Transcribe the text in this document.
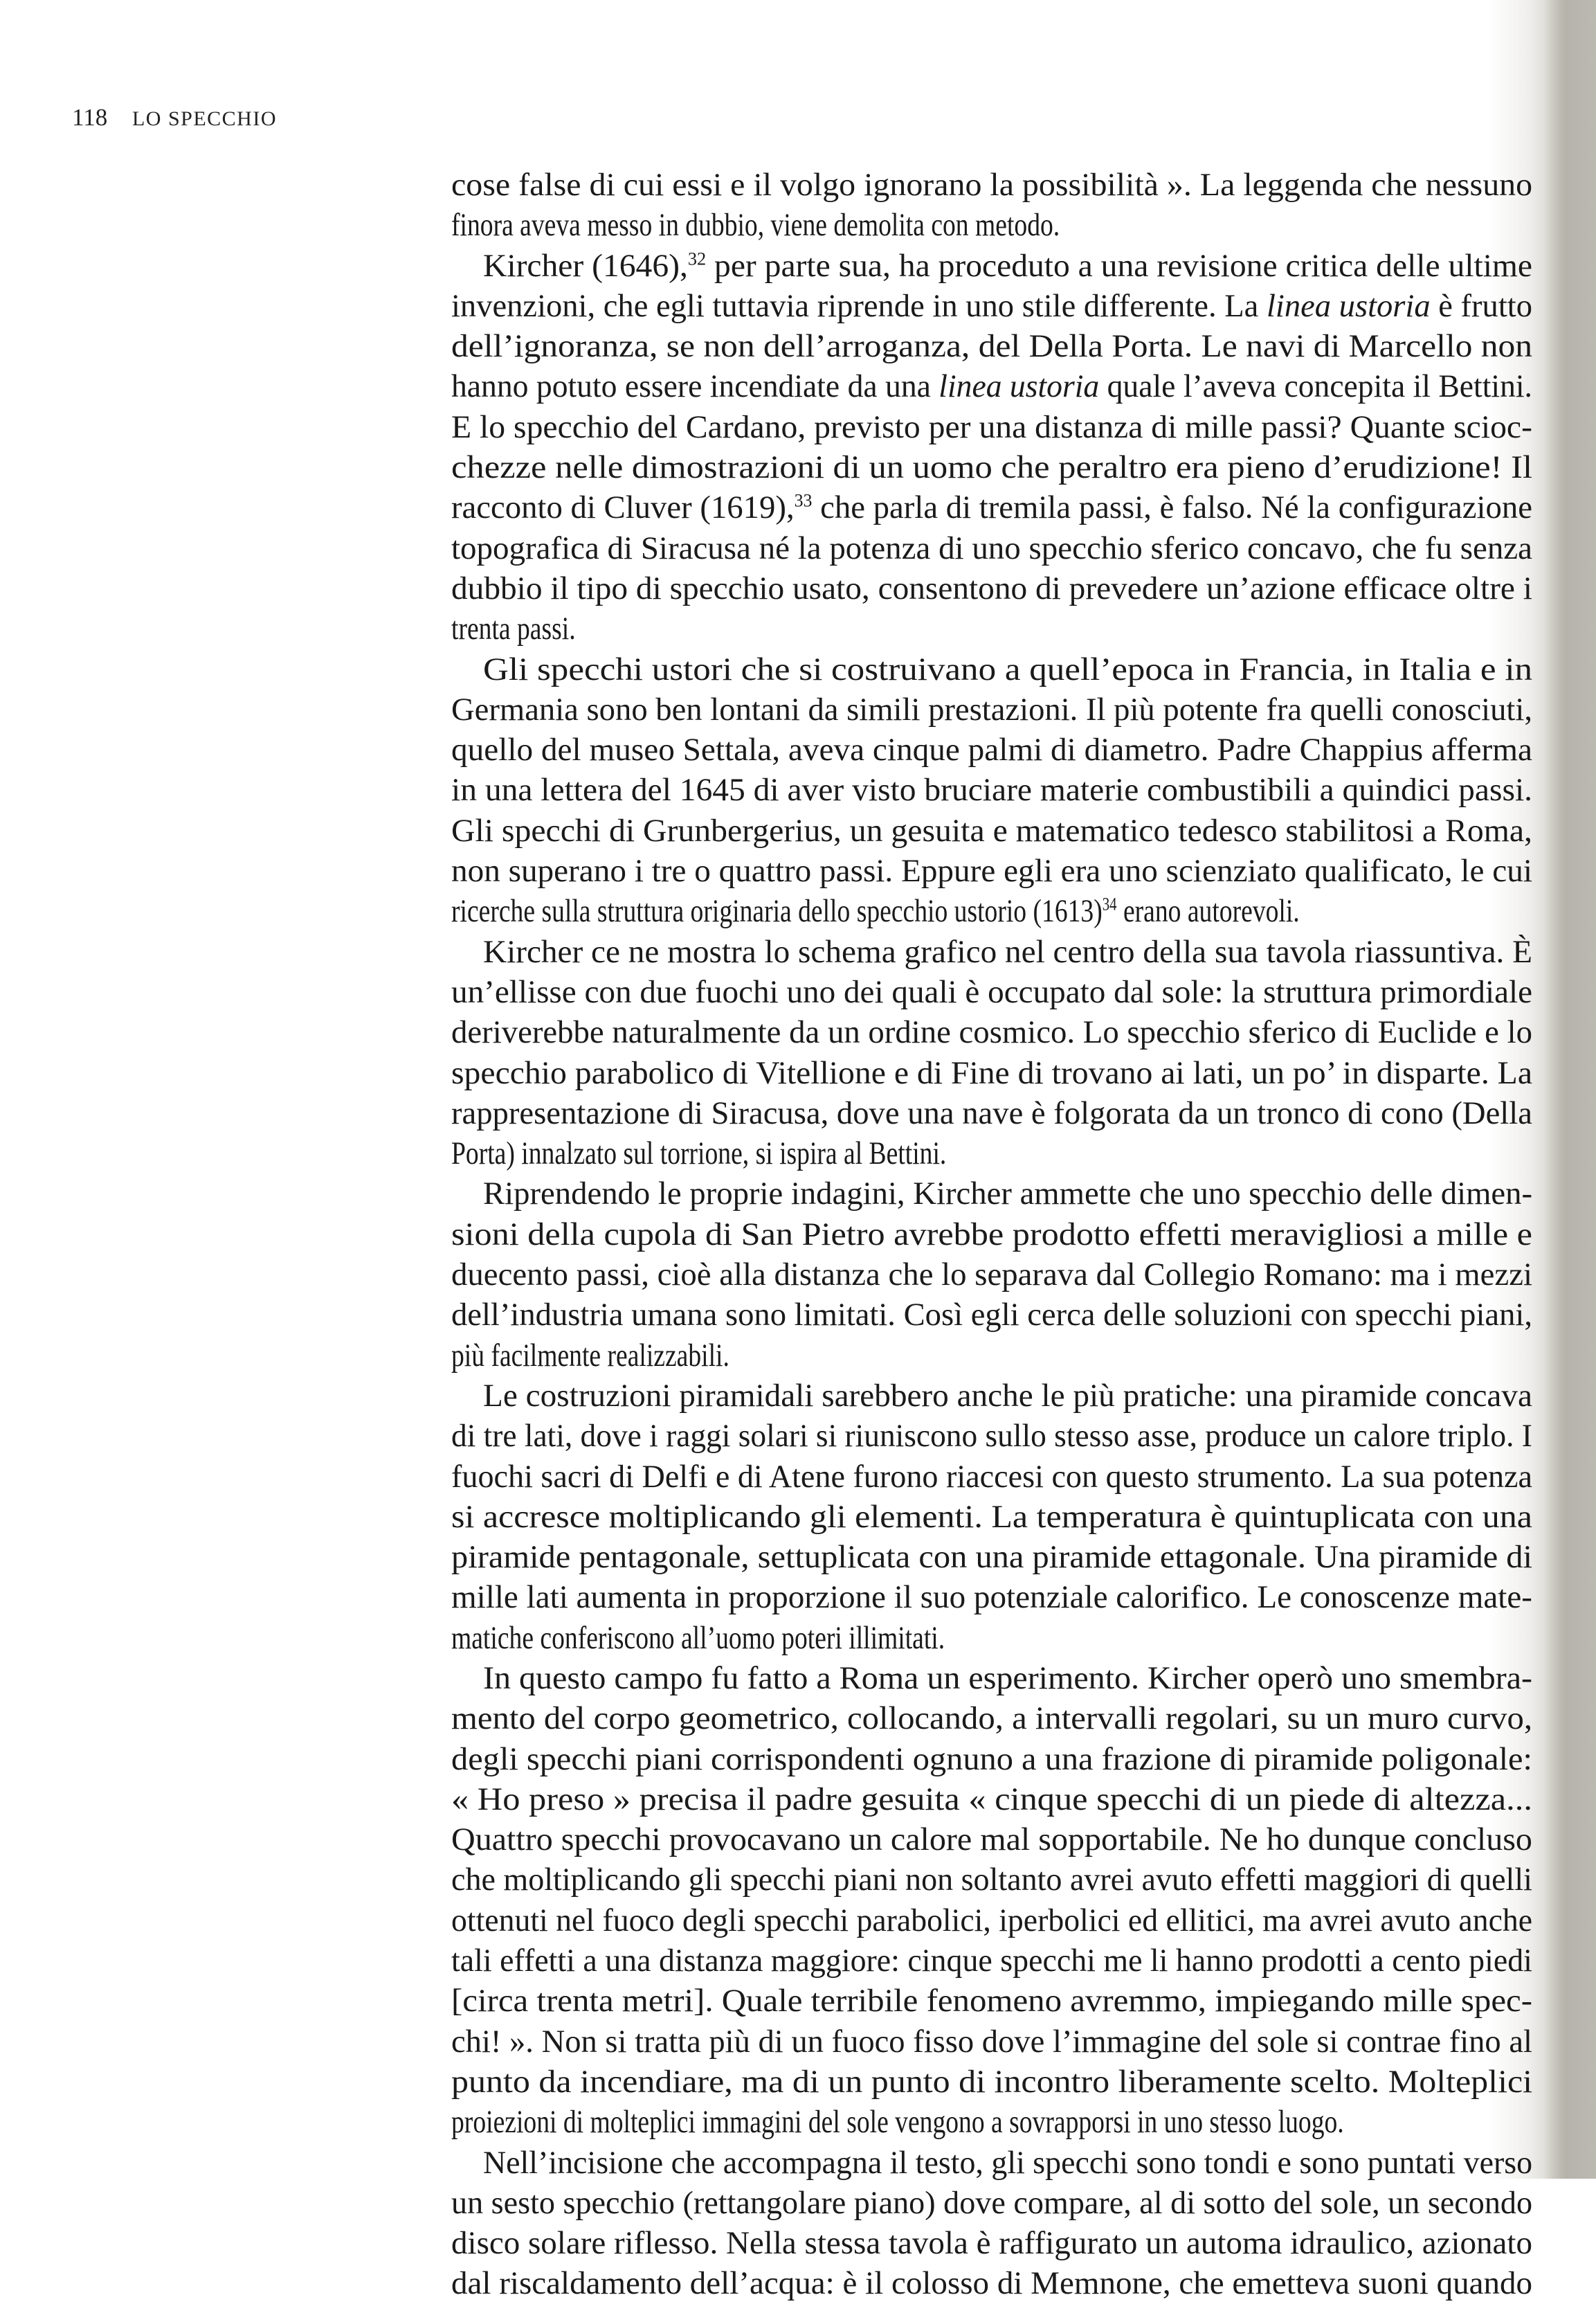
118 LO SPECCHIO
cose false di cui essi e il volgo ignorano la possibilità ». La leggenda che nessuno
finora aveva messo in dubbio, viene demolita con metodo.
Kircher (1646),$^{32}$ per parte sua, ha proceduto a una revisione critica delle ultime
invenzioni, che egli tuttavia riprende in uno stile differente. La linea ustoria è frutto
dell’ignoranza, se non dell’arroganza, del Della Porta. Le navi di Marcello non
hanno potuto essere incendiate da una linea ustoria quale l’aveva concepita il Bettini.
E lo specchio del Cardano, previsto per una distanza di mille passi? Quante scioc-
chezze nelle dimostrazioni di un uomo che peraltro era pieno d’erudizione! Il
racconto di Cluver (1619),$^{33}$ che parla di tremila passi, è falso. Né la configurazione
topografica di Siracusa né la potenza di uno specchio sferico concavo, che fu senza
dubbio il tipo di specchio usato, consentono di prevedere un’azione efficace oltre i
trenta passi.
Gli specchi ustori che si costruivano a quell’epoca in Francia, in Italia e in
Germania sono ben lontani da simili prestazioni. Il più potente fra quelli conosciuti,
quello del museo Settala, aveva cinque palmi di diametro. Padre Chappius afferma
in una lettera del 1645 di aver visto bruciare materie combustibili a quindici passi.
Gli specchi di Grunbergerius, un gesuita e matematico tedesco stabilitosi a Roma,
non superano i tre o quattro passi. Eppure egli era uno scienziato qualificato, le cui
ricerche sulla struttura originaria dello specchio ustorio $(1613)^{34}$ erano autorevoli.
Kircher ce ne mostra lo schema grafico nel centro della sua tavola riassuntiva. È
un’ellisse con due fuochi uno dei quali è occupato dal sole: la struttura primordiale
deriverebbe naturalmente da un ordine cosmico. Lo specchio sferico di Euclide e lo
specchio parabolico di Vitellione e di Fine di trovano ai lati, un po’ in disparte. La
rappresentazione di Siracusa, dove una nave è folgorata da un tronco di cono (Della
Porta) innalzato sul torrione, si ispira al Bettini.
Riprendendo le proprie indagini, Kircher ammette che uno specchio delle dimen-
sioni della cupola di San Pietro avrebbe prodotto effetti meravigliosi a mille e
duecento passi, cioè alla distanza che lo separava dal Collegio Romano: ma i mezzi
dell’industria umana sono limitati. Così egli cerca delle soluzioni con specchi piani,
più facilmente realizzabili.
Le costruzioni piramidali sarebbero anche le più pratiche: una piramide concava
di tre lati, dove i raggi solari si riuniscono sullo stesso asse, produce un calore triplo. I
fuochi sacri di Delfi e di Atene furono riaccesi con questo strumento. La sua potenza
si accresce moltiplicando gli elementi. La temperatura è quintuplicata con una
piramide pentagonale, settuplicata con una piramide ettagonale. Una piramide di
mille lati aumenta in proporzione il suo potenziale calorifico. Le conoscenze mate-
matiche conferiscono all’uomo poteri illimitati.
In questo campo fu fatto a Roma un esperimento. Kircher operò uno smembra-
mento del corpo geometrico, collocando, a intervalli regolari, su un muro curvo,
degli specchi piani corrispondenti ognuno a una frazione di piramide poligonale:
« Ho preso » precisa il padre gesuita « cinque specchi di un piede di altezza...
Quattro specchi provocavano un calore mal sopportabile. Ne ho dunque concluso
che moltiplicando gli specchi piani non soltanto avrei avuto effetti maggiori di quelli
ottenuti nel fuoco degli specchi parabolici, iperbolici ed ellitici, ma avrei avuto anche
tali effetti a una distanza maggiore: cinque specchi me li hanno prodotti a cento piedi
[circa trenta metri]. Quale terribile fenomeno avremmo, impiegando mille spec-
chi! ». Non si tratta più di un fuoco fisso dove l’immagine del sole si contrae fino al
punto da incendiare, ma di un punto di incontro liberamente scelto. Molteplici
proiezioni di molteplici immagini del sole vengono a sovrapporsi in uno stesso luogo.
Nell’incisione che accompagna il testo, gli specchi sono tondi e sono puntati verso
un sesto specchio (rettangolare piano) dove compare, al di sotto del sole, un secondo
disco solare riflesso. Nella stessa tavola è raffigurato un automa idraulico, azionato
dal riscaldamento dell’acqua: è il colosso di Memnone, che emetteva suoni quando
